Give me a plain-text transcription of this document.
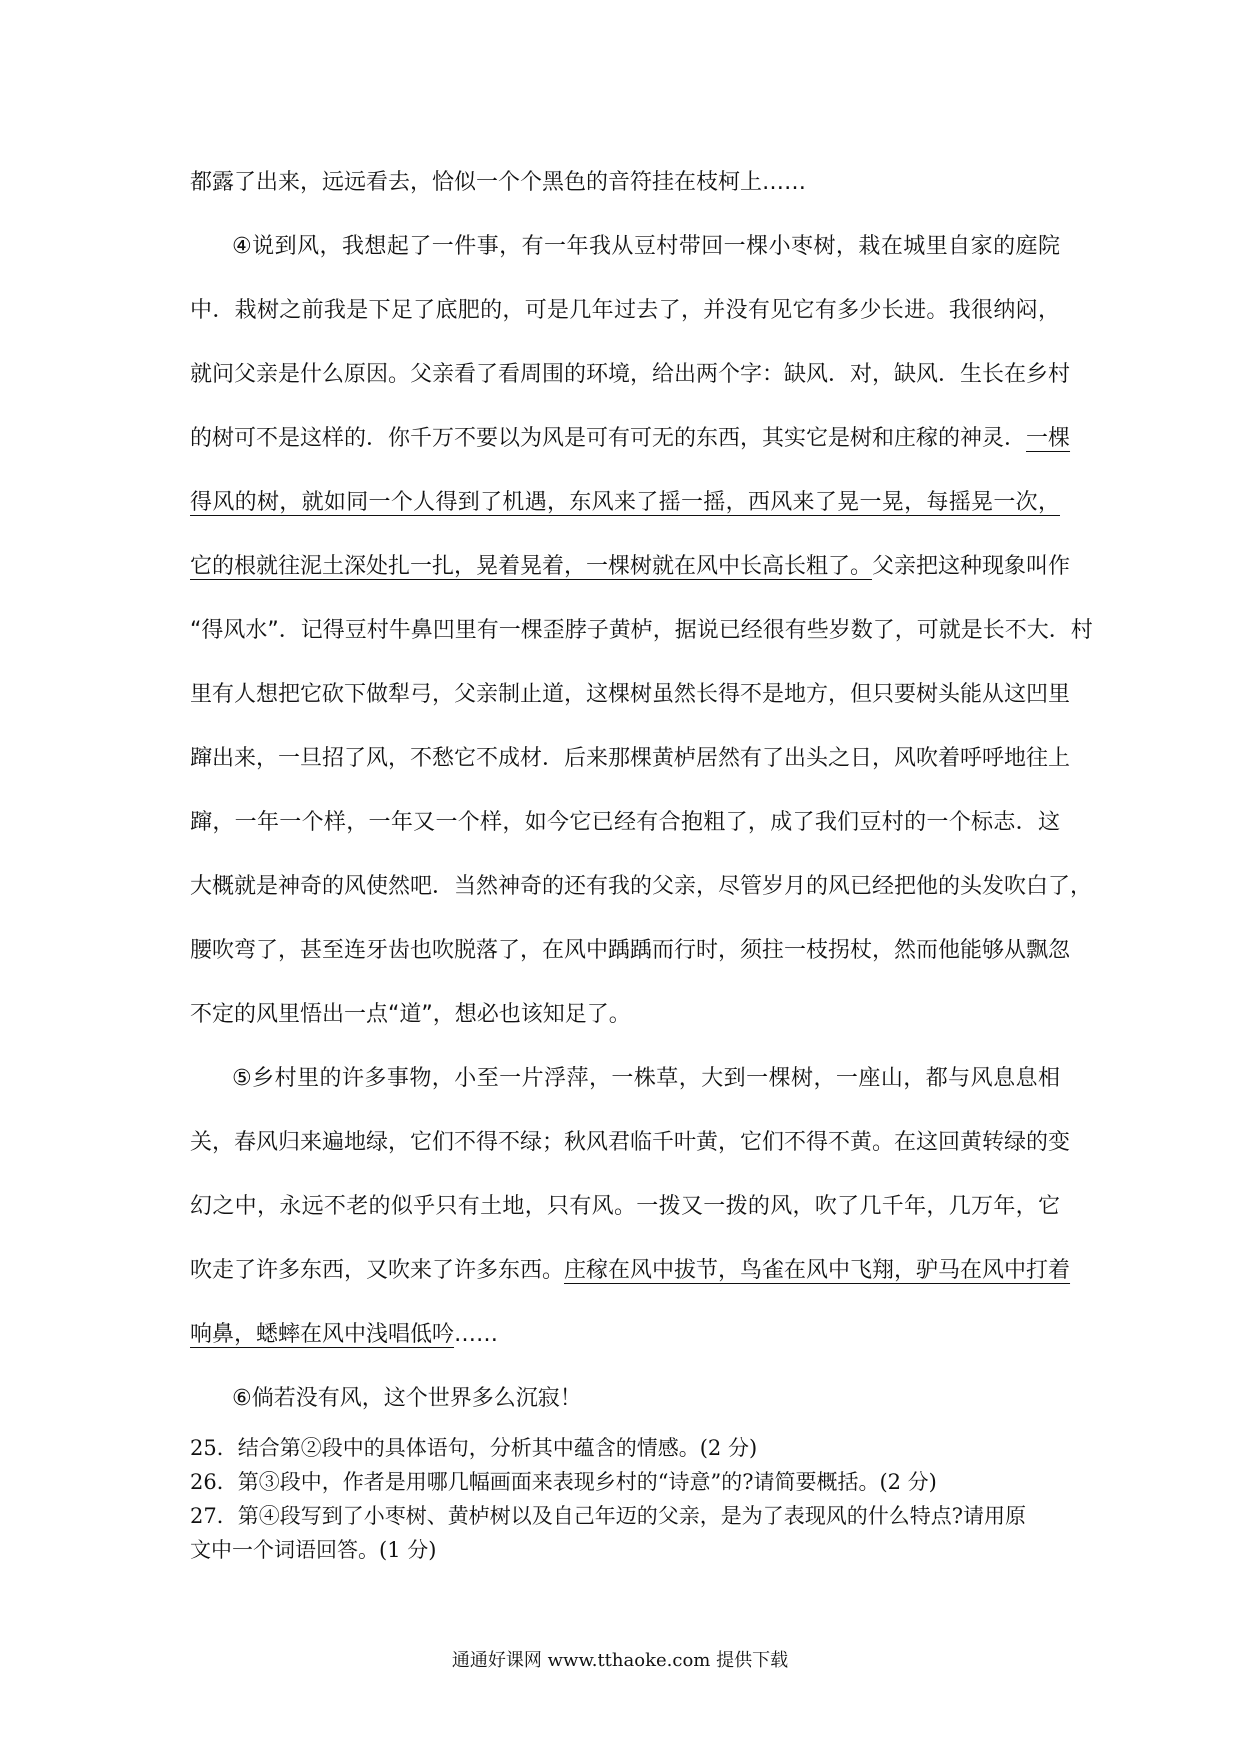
都露了出来，远远看去，恰似一个个黑色的音符挂在枝柯上……
④说到风，我想起了一件事，有一年我从豆村带回一棵小枣树，栽在城里自家的庭院
中．栽树之前我是下足了底肥的，可是几年过去了，并没有见它有多少长进。我很纳闷，
就问父亲是什么原因。父亲看了看周围的环境，给出两个字：缺风．对，缺风．生长在乡村
的树可不是这样的．你千万不要以为风是可有可无的东西，其实它是树和庄稼的神灵．一棵
得风的树，就如同一个人得到了机遇，东风来了摇一摇，西风来了晃一晃，每摇晃一次，
它的根就往泥土深处扎一扎，晃着晃着，一棵树就在风中长高长粗了。父亲把这种现象叫作
“得风水”．记得豆村牛鼻凹里有一棵歪脖子黄栌，据说已经很有些岁数了，可就是长不大．村
里有人想把它砍下做犁弓，父亲制止道，这棵树虽然长得不是地方，但只要树头能从这凹里
蹿出来，一旦招了风，不愁它不成材．后来那棵黄栌居然有了出头之日，风吹着呼呼地往上
蹿，一年一个样，一年又一个样，如今它已经有合抱粗了，成了我们豆村的一个标志．这
大概就是神奇的风使然吧．当然神奇的还有我的父亲，尽管岁月的风已经把他的头发吹白了，
腰吹弯了，甚至连牙齿也吹脱落了，在风中踽踽而行时，须拄一枝拐杖，然而他能够从飘忽
不定的风里悟出一点“道”，想必也该知足了。
⑤乡村里的许多事物，小至一片浮萍，一株草，大到一棵树，一座山，都与风息息相
关，春风归来遍地绿，它们不得不绿；秋风君临千叶黄，它们不得不黄。在这回黄转绿的变
幻之中，永远不老的似乎只有土地，只有风。一拨又一拨的风，吹了几千年，几万年，它
吹走了许多东西，又吹来了许多东西。庄稼在风中拔节，鸟雀在风中飞翔，驴马在风中打着
响鼻，蟋蟀在风中浅唱低吟……
⑥倘若没有风，这个世界多么沉寂！
25．结合第②段中的具体语句，分析其中蕴含的情感。(2 分)
26．第③段中，作者是用哪几幅画面来表现乡村的“诗意”的?请简要概括。(2 分)
27．第④段写到了小枣树、黄栌树以及自己年迈的父亲，是为了表现风的什么特点?请用原
文中一个词语回答。(1 分)
通通好课网 www.tthaoke.com 提供下载
